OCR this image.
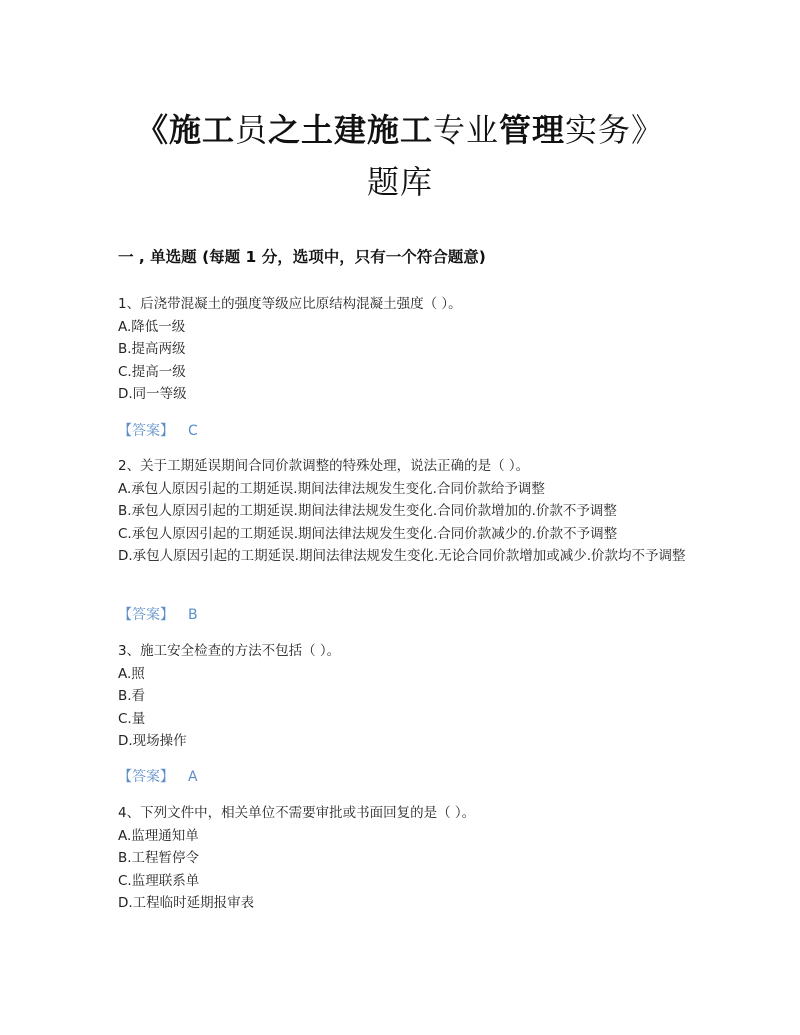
《施工员之土建施工专业管理实务》
题库
一 , 单选题 (每题 1 分，选项中，只有一个符合题意)
1、后浇带混凝土的强度等级应比原结构混凝土强度（ ）。
A.降低一级
B.提高两级
C.提高一级
D.同一等级
【答案】 C
2、关于工期延误期间合同价款调整的特殊处理，说法正确的是（ ）。
A.承包人原因引起的工期延误.期间法律法规发生变化.合同价款给予调整
B.承包人原因引起的工期延误.期间法律法规发生变化.合同价款增加的.价款不予调整
C.承包人原因引起的工期延误.期间法律法规发生变化.合同价款减少的.价款不予调整
D.承包人原因引起的工期延误.期间法律法规发生变化.无论合同价款增加或减少.价款均不予调整
【答案】 B
3、施工安全检查的方法不包括（ ）。
A.照
B.看
C.量
D.现场操作
【答案】 A
4、下列文件中，相关单位不需要审批或书面回复的是（ ）。
A.监理通知单
B.工程暂停令
C.监理联系单
D.工程临时延期报审表
